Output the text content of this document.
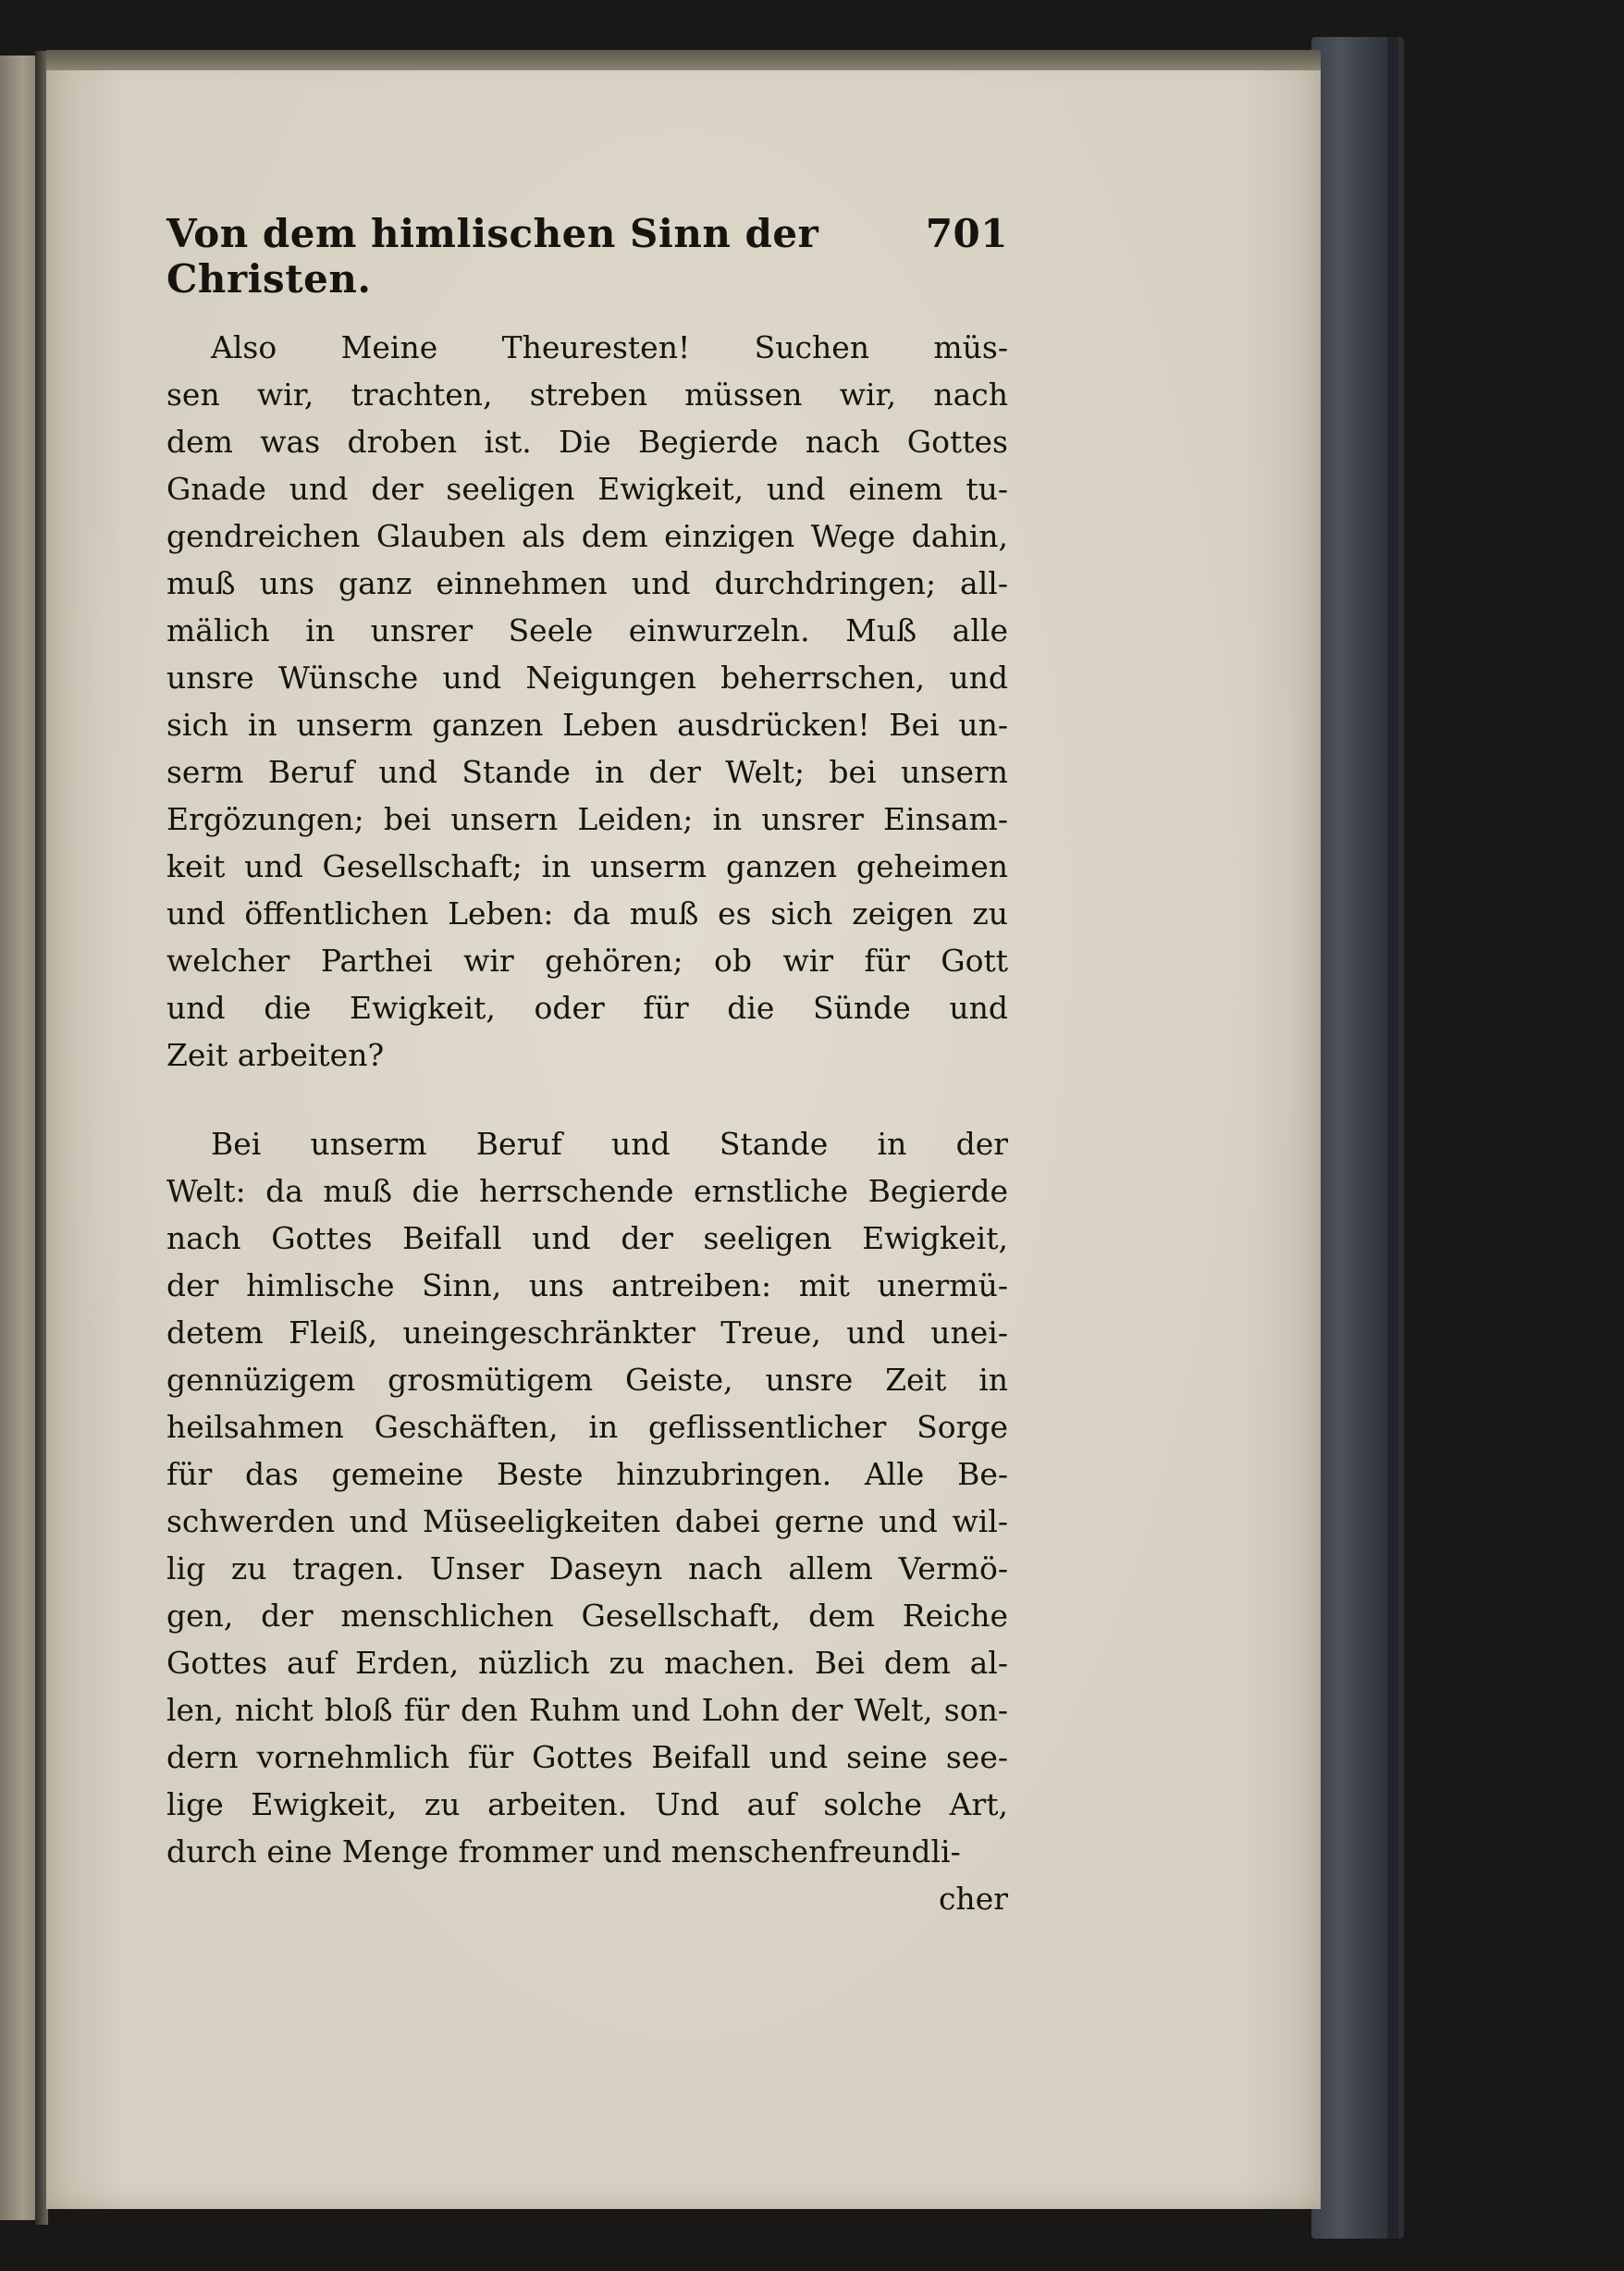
Von dem himlischen Sinn der Christen.
701

Also Meine Theuresten! Suchen müs-

sen wir, trachten, streben müssen wir, nach

dem was droben ist. Die Begierde nach Gottes

Gnade und der seeligen Ewigkeit, und einem tu-

gendreichen Glauben als dem einzigen Wege dahin,

muß uns ganz einnehmen und durchdringen; all-

mälich in unsrer Seele einwurzeln. Muß alle

unsre Wünsche und Neigungen beherrschen, und

sich in unserm ganzen Leben ausdrücken! Bei un-

serm Beruf und Stande in der Welt; bei unsern

Ergözungen; bei unsern Leiden; in unsrer Einsam-

keit und Gesellschaft; in unserm ganzen geheimen

und öffentlichen Leben: da muß es sich zeigen zu

welcher Parthei wir gehören; ob wir für Gott

und die Ewigkeit, oder für die Sünde und

Zeit arbeiten?

Bei unserm Beruf und Stande in der

Welt: da muß die herrschende ernstliche Begierde

nach Gottes Beifall und der seeligen Ewigkeit,

der himlische Sinn, uns antreiben: mit unermü-

detem Fleiß, uneingeschränkter Treue, und unei-

gennüzigem grosmütigem Geiste, unsre Zeit in

heilsahmen Geschäften, in geflissentlicher Sorge

für das gemeine Beste hinzubringen. Alle Be-

schwerden und Müseeligkeiten dabei gerne und wil-

lig zu tragen. Unser Daseyn nach allem Vermö-

gen, der menschlichen Gesellschaft, dem Reiche

Gottes auf Erden, nüzlich zu machen. Bei dem al-

len, nicht bloß für den Ruhm und Lohn der Welt, son-

dern vornehmlich für Gottes Beifall und seine see-

lige Ewigkeit, zu arbeiten. Und auf solche Art,

durch eine Menge frommer und menschenfreundli-

cher
